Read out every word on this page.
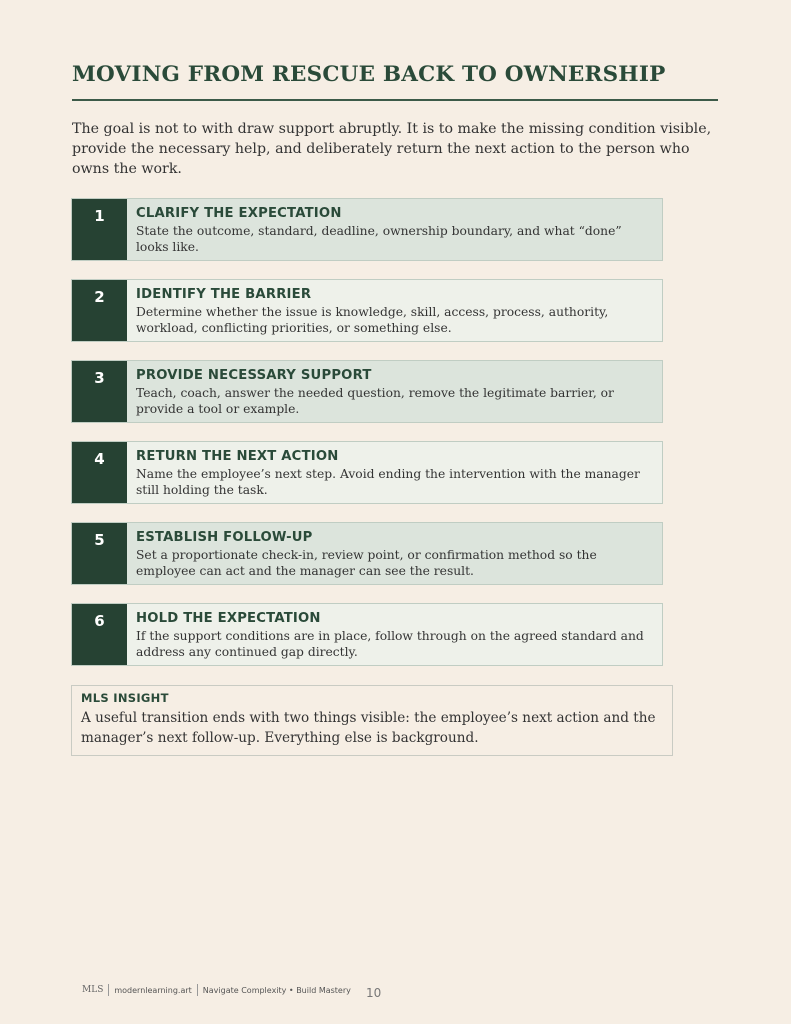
MOVING FROM RESCUE BACK TO OWNERSHIP

The goal is not to with draw support abruptly. It is to make the missing condition visible, provide the necessary help, and deliberately return the next action to the person who owns the work.

1	CLARIFY THE EXPECTATION
State the outcome, standard, deadline, ownership boundary, and what “done” looks like.
2	IDENTIFY THE BARRIER
Determine whether the issue is knowledge, skill, access, process, authority, workload, conflicting priorities, or something else.
3	PROVIDE NECESSARY SUPPORT
Teach, coach, answer the needed question, remove the legitimate barrier, or provide a tool or example.
4	RETURN THE NEXT ACTION
Name the employee’s next step. Avoid ending the intervention with the manager still holding the task.
5	ESTABLISH FOLLOW-UP
Set a proportionate check-in, review point, or confirmation method so the employee can act and the manager can see the result.
6	HOLD THE EXPECTATION
If the support conditions are in place, follow through on the agreed standard and address any continued gap directly.
MLS INSIGHT
A useful transition ends with two things visible: the employee’s next action and the manager’s next follow-up. Everything else is background.
MLS modernlearning.art Navigate Complexity • Build Mastery 10
